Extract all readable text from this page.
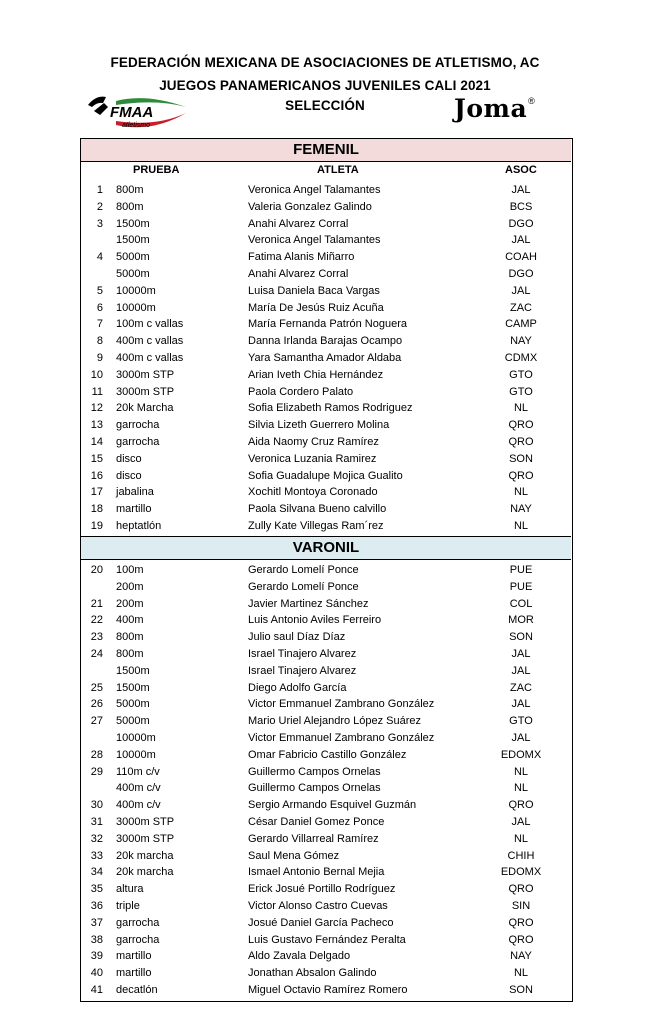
FEDERACIÓN MEXICANA DE ASOCIACIONES DE ATLETISMO, AC
JUEGOS PANAMERICANOS JUVENILES CALI 2021
SELECCIÓN
FMAA
atletismo
Joma®
FEMENIL
PRUEBA	ATLETA	ASOC
1 800m	Veronica Angel Talamantes	JAL
2 800m	Valeria Gonzalez Galindo	BCS
3 1500m	Anahi Alvarez Corral	DGO
1500m	Veronica Angel Talamantes	JAL
4 5000m	Fatima Alanis Miñarro	COAH
5000m	Anahi Alvarez Corral	DGO
5 10000m	Luisa Daniela Baca Vargas	JAL
6 10000m	María De Jesús Ruiz Acuña	ZAC
7 100m c vallas	María Fernanda Patrón Noguera	CAMP
8 400m c vallas	Danna Irlanda Barajas Ocampo	NAY
9 400m c vallas	Yara Samantha Amador Aldaba	CDMX
10 3000m STP	Arian Iveth Chia Hernández	GTO
11 3000m STP	Paola Cordero Palato	GTO
12 20k Marcha	Sofia Elizabeth Ramos Rodriguez	NL
13 garrocha	Silvia Lizeth Guerrero Molina	QRO
14 garrocha	Aida Naomy Cruz Ramírez	QRO
15 disco	Veronica Luzania Ramirez	SON
16 disco	Sofia Guadalupe Mojica Gualito	QRO
17 jabalina	Xochitl Montoya Coronado	NL
18 martillo	Paola Silvana Bueno calvillo	NAY
19 heptatlón	Zully Kate Villegas Ram´rez	NL
VARONIL
20 100m	Gerardo Lomelí Ponce	PUE
200m	Gerardo Lomelí Ponce	PUE
21 200m	Javier Martinez Sánchez	COL
22 400m	Luis Antonio Aviles Ferreiro	MOR
23 800m	Julio saul Díaz Díaz	SON
24 800m	Israel Tinajero Alvarez	JAL
1500m	Israel Tinajero Alvarez	JAL
25 1500m	Diego Adolfo García	ZAC
26 5000m	Victor Emmanuel Zambrano González	JAL
27 5000m	Mario Uriel Alejandro López Suárez	GTO
10000m	Victor Emmanuel Zambrano González	JAL
28 10000m	Omar Fabricio Castillo González	EDOMX
29 110m c/v	Guillermo Campos Ornelas	NL
400m c/v	Guillermo Campos Ornelas	NL
30 400m c/v	Sergio Armando Esquivel Guzmán	QRO
31 3000m STP	César Daniel Gomez Ponce	JAL
32 3000m STP	Gerardo Villarreal Ramírez	NL
33 20k marcha	Saul Mena Gómez	CHIH
34 20k marcha	Ismael Antonio Bernal Mejia	EDOMX
35 altura	Erick Josué Portillo Rodríguez	QRO
36 triple	Victor Alonso Castro Cuevas	SIN
37 garrocha	Josué Daniel García Pacheco	QRO
38 garrocha	Luis Gustavo Fernández Peralta	QRO
39 martillo	Aldo Zavala Delgado	NAY
40 martillo	Jonathan Absalon Galindo	NL
41 decatlón	Miguel Octavio Ramírez Romero	SON
